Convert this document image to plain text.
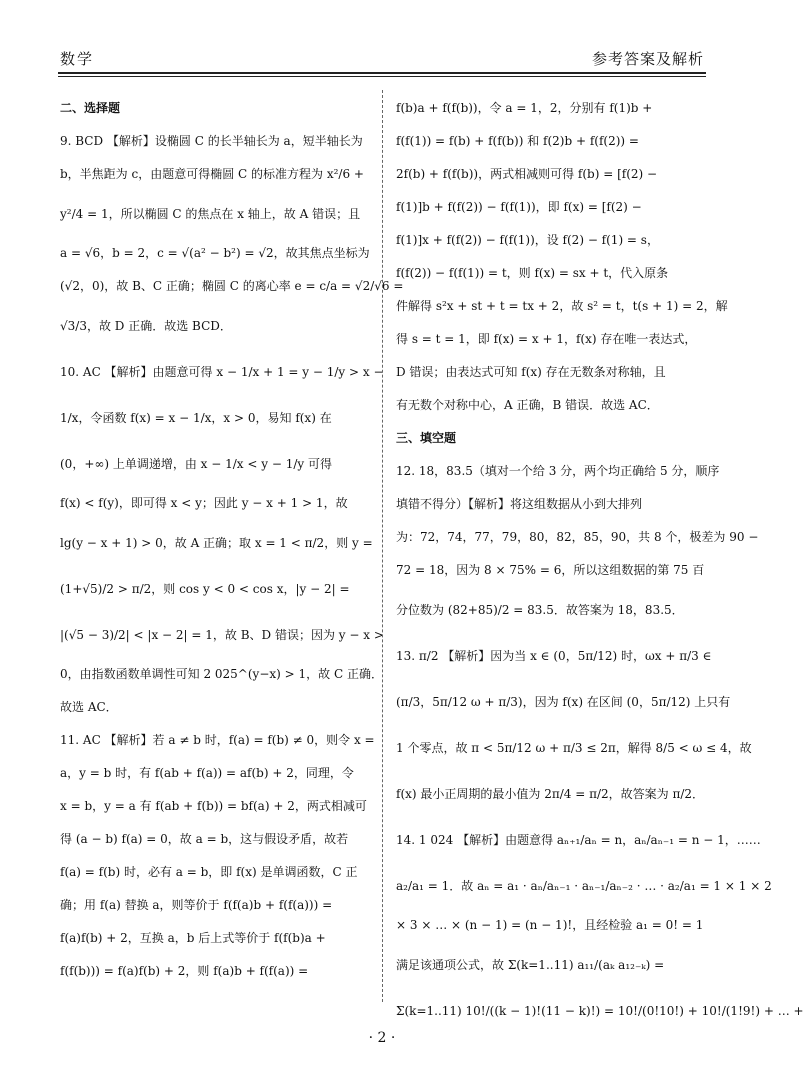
数学	参考答案及解析
二、选择题
9. BCD 【解析】设椭圆 C 的长半轴长为 a，短半轴长为
b，半焦距为 c，由题意可得椭圆 C 的标准方程为 x²/6 +
y²/4 = 1，所以椭圆 C 的焦点在 x 轴上，故 A 错误；且
a = √6，b = 2，c = √(a² − b²) = √2，故其焦点坐标为
(√2，0)，故 B、C 正确；椭圆 C 的离心率 e = c/a = √2/√6 =
√3/3，故 D 正确．故选 BCD．
10. AC 【解析】由题意可得 x − 1/x + 1 = y − 1/y > x −
1/x，令函数 f(x) = x − 1/x，x > 0，易知 f(x) 在
(0，+∞) 上单调递增，由 x − 1/x < y − 1/y 可得
f(x) < f(y)，即可得 x < y；因此 y − x + 1 > 1，故
lg(y − x + 1) > 0，故 A 正确；取 x = 1 < π/2，则 y =
(1+√5)/2 > π/2，则 cos y < 0 < cos x，|y − 2| =
|(√5 − 3)/2| < |x − 2| = 1，故 B、D 错误；因为 y − x >
0，由指数函数单调性可知 2 025^(y−x) > 1，故 C 正确．
故选 AC．
11. AC 【解析】若 a ≠ b 时，f(a) = f(b) ≠ 0，则令 x =
a，y = b 时，有 f(ab + f(a)) = af(b) + 2，同理，令
x = b，y = a 有 f(ab + f(b)) = bf(a) + 2，两式相减可
得 (a − b) f(a) = 0，故 a = b，这与假设矛盾，故若
f(a) = f(b) 时，必有 a = b，即 f(x) 是单调函数，C 正
确；用 f(a) 替换 a，则等价于 f(f(a)b + f(f(a))) =
f(a)f(b) + 2，互换 a，b 后上式等价于 f(f(b)a +
f(f(b))) = f(a)f(b) + 2，则 f(a)b + f(f(a)) =
f(b)a + f(f(b))，令 a = 1，2，分别有 f(1)b +
f(f(1)) = f(b) + f(f(b)) 和 f(2)b + f(f(2)) =
2f(b) + f(f(b))，两式相减则可得 f(b) = [f(2) −
f(1)]b + f(f(2)) − f(f(1))，即 f(x) = [f(2) −
f(1)]x + f(f(2)) − f(f(1))，设 f(2) − f(1) = s，
f(f(2)) − f(f(1)) = t，则 f(x) = sx + t，代入原条
件解得 s²x + st + t = tx + 2，故 s² = t，t(s + 1) = 2，解
得 s = t = 1，即 f(x) = x + 1，f(x) 存在唯一表达式，
D 错误；由表达式可知 f(x) 存在无数条对称轴，且
有无数个对称中心，A 正确，B 错误．故选 AC．
三、填空题
12. 18，83.5（填对一个给 3 分，两个均正确给 5 分，顺序
填错不得分）【解析】将这组数据从小到大排列
为：72，74，77，79，80，82，85，90，共 8 个，极差为 90 −
72 = 18，因为 8 × 75% = 6，所以这组数据的第 75 百
分位数为 (82+85)/2 = 83.5．故答案为 18，83.5．
13. π/2 【解析】因为当 x ∈ (0，5π/12) 时，ωx + π/3 ∈
(π/3，5π/12 ω + π/3)，因为 f(x) 在区间 (0，5π/12) 上只有
1 个零点，故 π < 5π/12 ω + π/3 ≤ 2π，解得 8/5 < ω ≤ 4，故
f(x) 最小正周期的最小值为 2π/4 = π/2，故答案为 π/2．
14. 1 024 【解析】由题意得 aₙ₊₁/aₙ = n，aₙ/aₙ₋₁ = n − 1，……
a₂/a₁ = 1．故 aₙ = a₁ · aₙ/aₙ₋₁ · aₙ₋₁/aₙ₋₂ · … · a₂/a₁ = 1 × 1 × 2
× 3 × … × (n − 1) = (n − 1)!，且经检验 a₁ = 0! = 1
满足该通项公式，故 Σ(k=1..11) a₁₁/(aₖ a₁₂₋ₖ) =
Σ(k=1..11) 10!/((k − 1)!(11 − k)!) = 10!/(0!10!) + 10!/(1!9!) + … +
· 2 ·
